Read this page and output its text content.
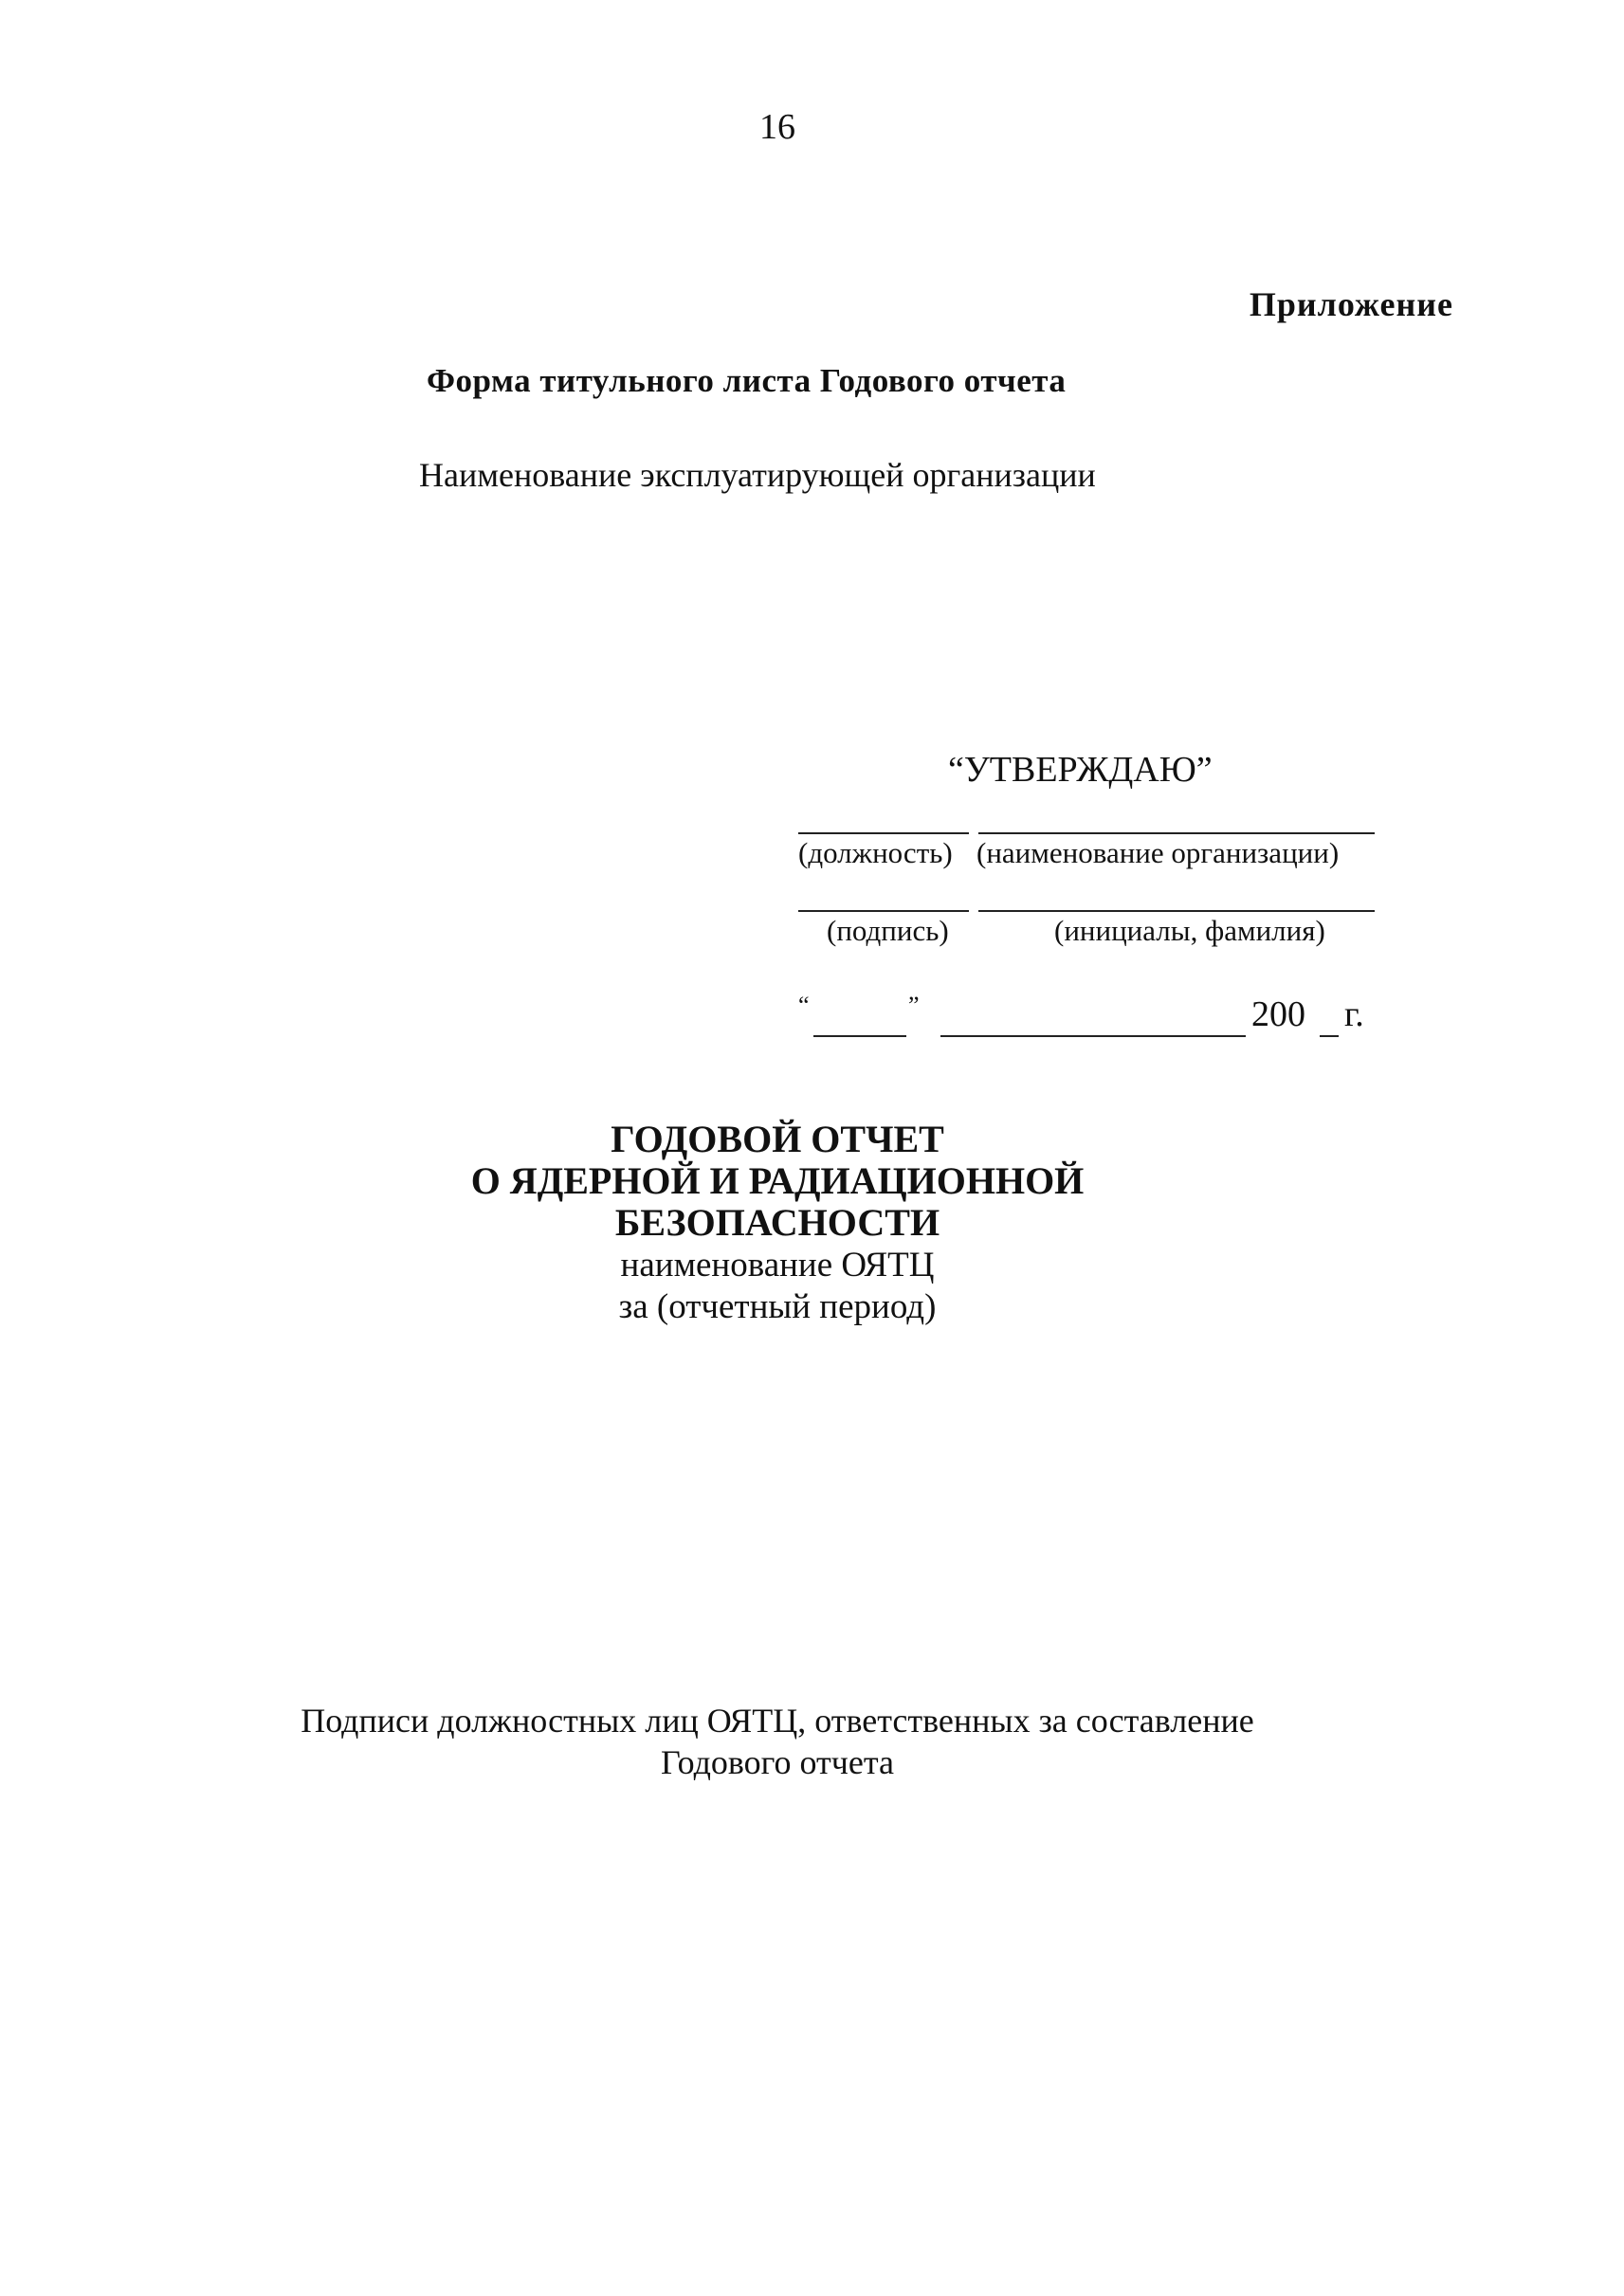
16
Приложение
Форма титульного листа Годового отчета
Наименование эксплуатирующей организации
“УТВЕРЖДАЮ”
(должность) (наименование организации)
(подпись)	(инициалы, фамилия)
“	”	200 г.
ГОДОВОЙ ОТЧЕТ
О ЯДЕРНОЙ И РАДИАЦИОННОЙ
БЕЗОПАСНОСТИ
наименование ОЯТЦ
за (отчетный период)
Подписи должностных лиц ОЯТЦ, ответственных за составление
Годового отчета
